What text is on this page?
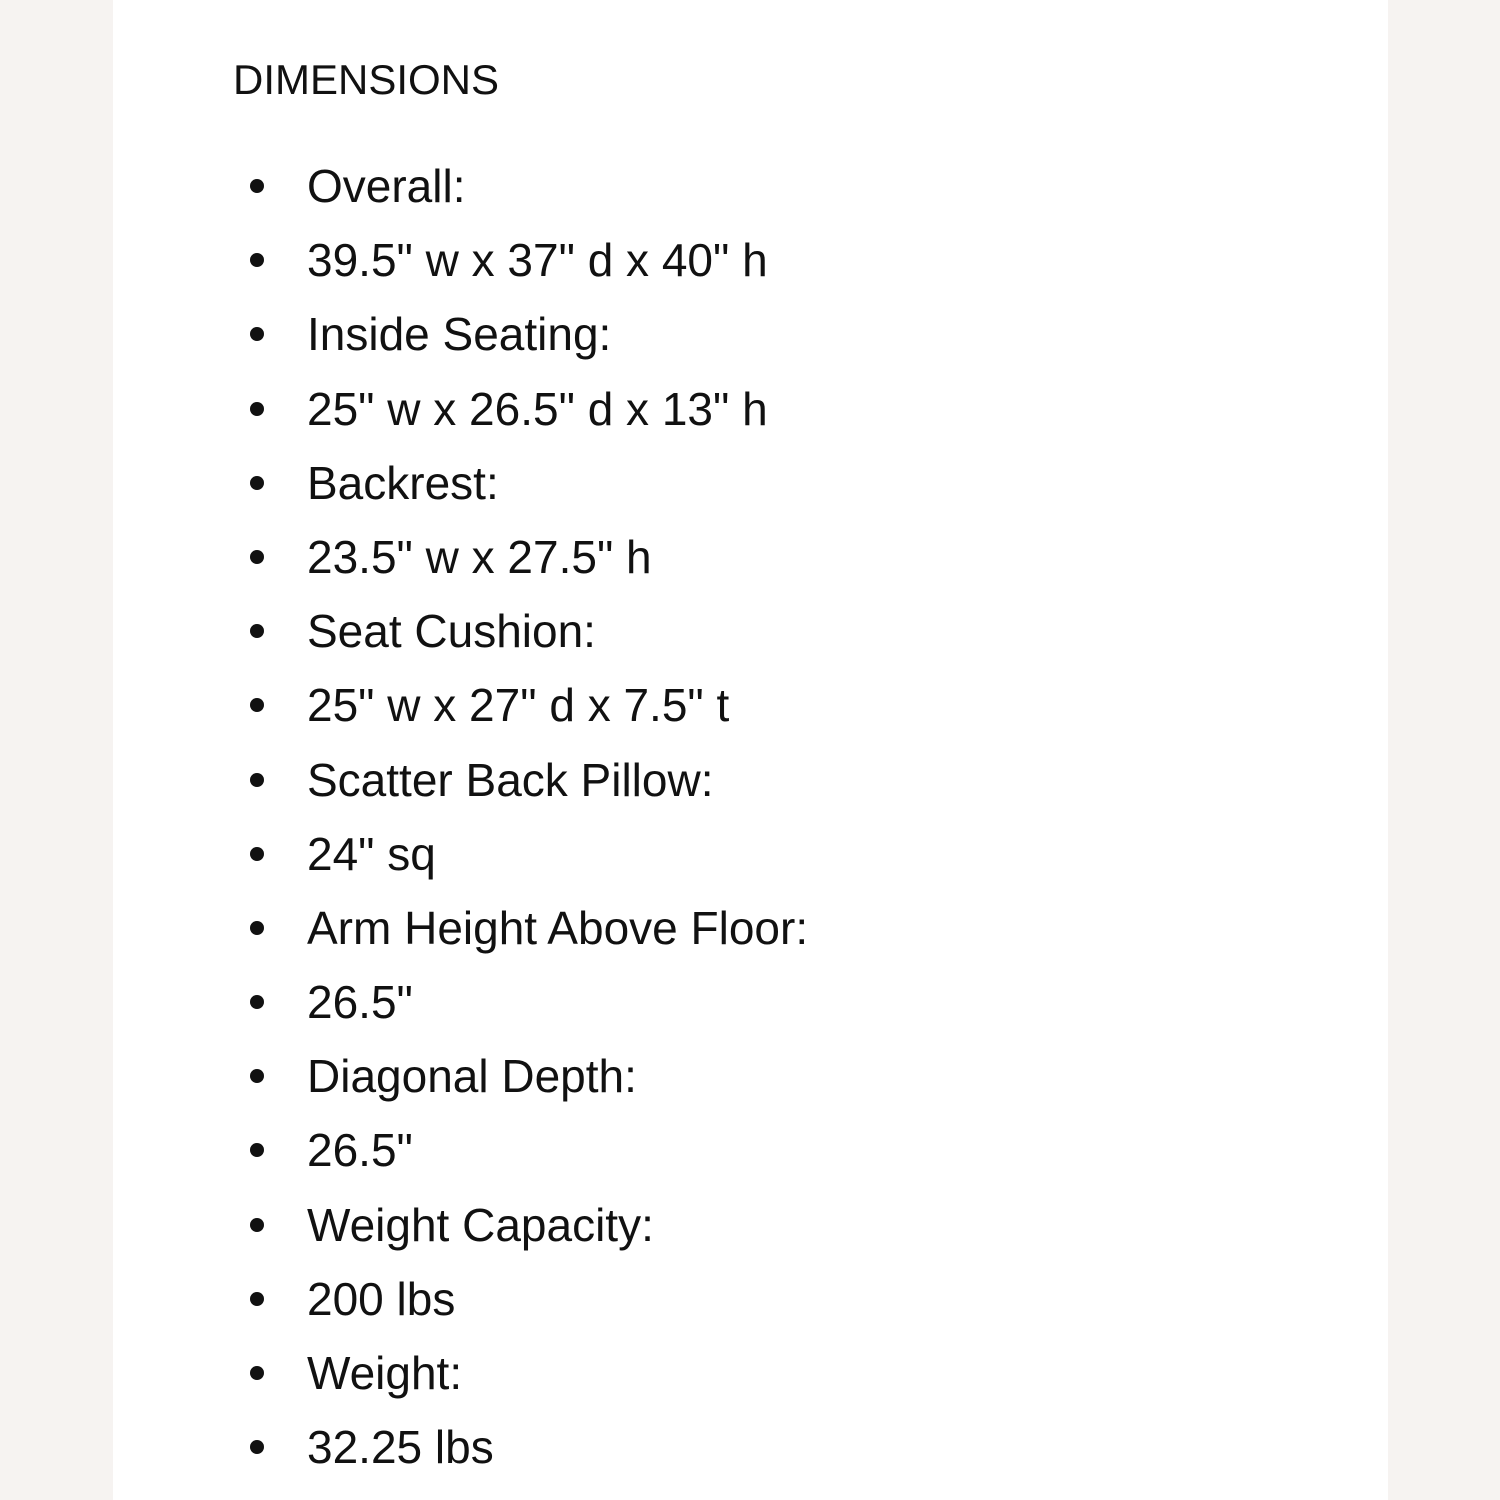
DIMENSIONS
Overall:
39.5" w x 37" d x 40" h
Inside Seating:
25" w x 26.5" d x 13" h
Backrest:
23.5" w x 27.5" h
Seat Cushion:
25" w x 27" d x 7.5" t
Scatter Back Pillow:
24" sq
Arm Height Above Floor:
26.5"
Diagonal Depth:
26.5"
Weight Capacity:
200 lbs
Weight:
32.25 lbs
